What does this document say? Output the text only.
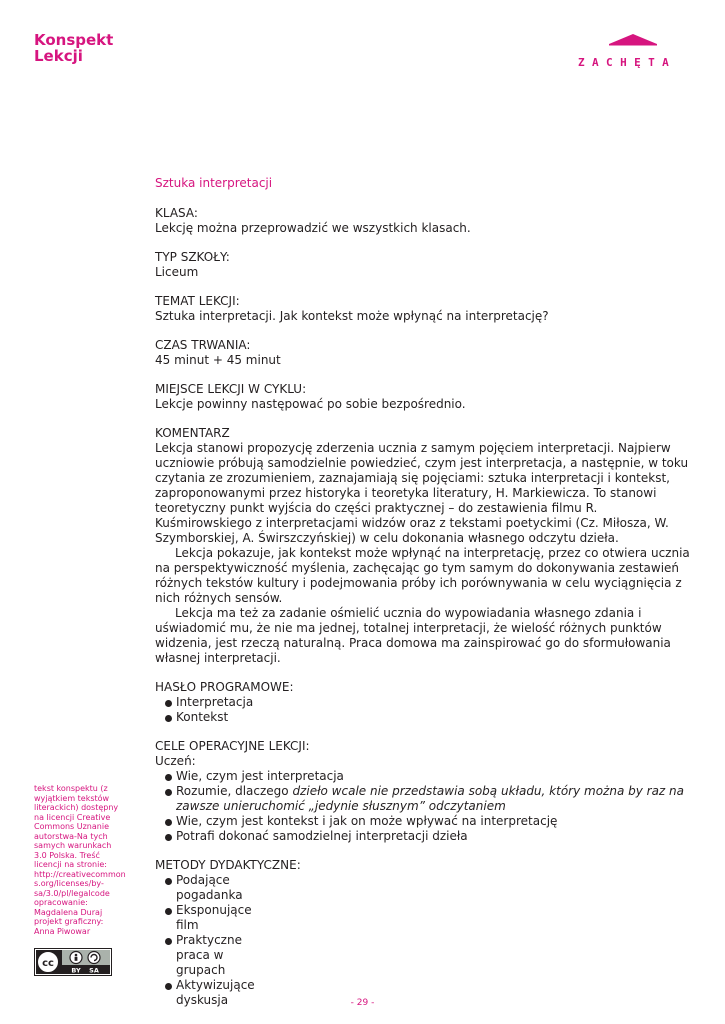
Konspekt
Lekcji	ZACHĘTA
Sztuka interpretacji
KLASA:
Lekcję można przeprowadzić we wszystkich klasach.
TYP SZKOŁY:
Liceum
TEMAT LEKCJI:
Sztuka interpretacji. Jak kontekst może wpłynąć na interpretację?
CZAS TRWANIA:
45 minut + 45 minut
MIEJSCE LEKCJI W CYKLU:
Lekcje powinny następować po sobie bezpośrednio.
KOMENTARZ

Lekcja stanowi propozycję zderzenia ucznia z samym pojęciem interpretacji. Najpierw uczniowie próbują samodzielnie powiedzieć, czym jest interpretacja, a następnie, w toku czytania ze zrozumieniem, zaznajamiają się pojęciami: sztuka interpretacji i kontekst, zaproponowanymi przez historyka i teoretyka literatury, H. Markiewicza. To stanowi teoretyczny punkt wyjścia do części praktycznej – do zestawienia filmu R. Kuśmirowskiego z interpretacjami widzów oraz z tekstami poetyckimi (Cz. Miłosza, W. Szymborskiej, A. Świrszczyńskiej) w celu dokonania własnego odczytu dzieła.

Lekcja pokazuje, jak kontekst może wpłynąć na interpretację, przez co otwiera ucznia na perspektywiczność myślenia, zachęcając go tym samym do dokonywania zestawień różnych tekstów kultury i podejmowania próby ich porównywania w celu wyciągnięcia z nich różnych sensów.

Lekcja ma też za zadanie ośmielić ucznia do wypowiadania własnego zdania i uświadomić mu, że nie ma jednej, totalnej interpretacji, że wielość różnych punktów widzenia, jest rzeczą naturalną. Praca domowa ma zainspirować go do sformułowania własnej interpretacji.

HASŁO PROGRAMOWE:
Interpretacja
Kontekst
CELE OPERACYJNE LEKCJI:
Uczeń:
Wie, czym jest interpretacja
Rozumie, dlaczego dzieło wcale nie przedstawia sobą układu, który można by raz na zawsze unieruchomić „jedynie słusznym” odczytaniem
Wie, czym jest kontekst i jak on może wpływać na interpretację
Potrafi dokonać samodzielnej interpretacji dzieła
METODY DYDAKTYCZNE:
Podające pogadanka
Eksponujące film
Praktyczne praca w grupach
Aktywizujące dyskusja
tekst konspektu (z wyjątkiem tekstów literackich) dostępny na licencji Creative Commons Uznanie autorstwa-Na tych samych warunkach 3.0 Polska. Treść licencji na stronie: http://creativecommons.org/licenses/by-sa/3.0/pl/legalcode
opracowanie:
Magdalena Duraj
projekt graficzny:
Anna Piwowar
cc
BY SA
- 29 -
